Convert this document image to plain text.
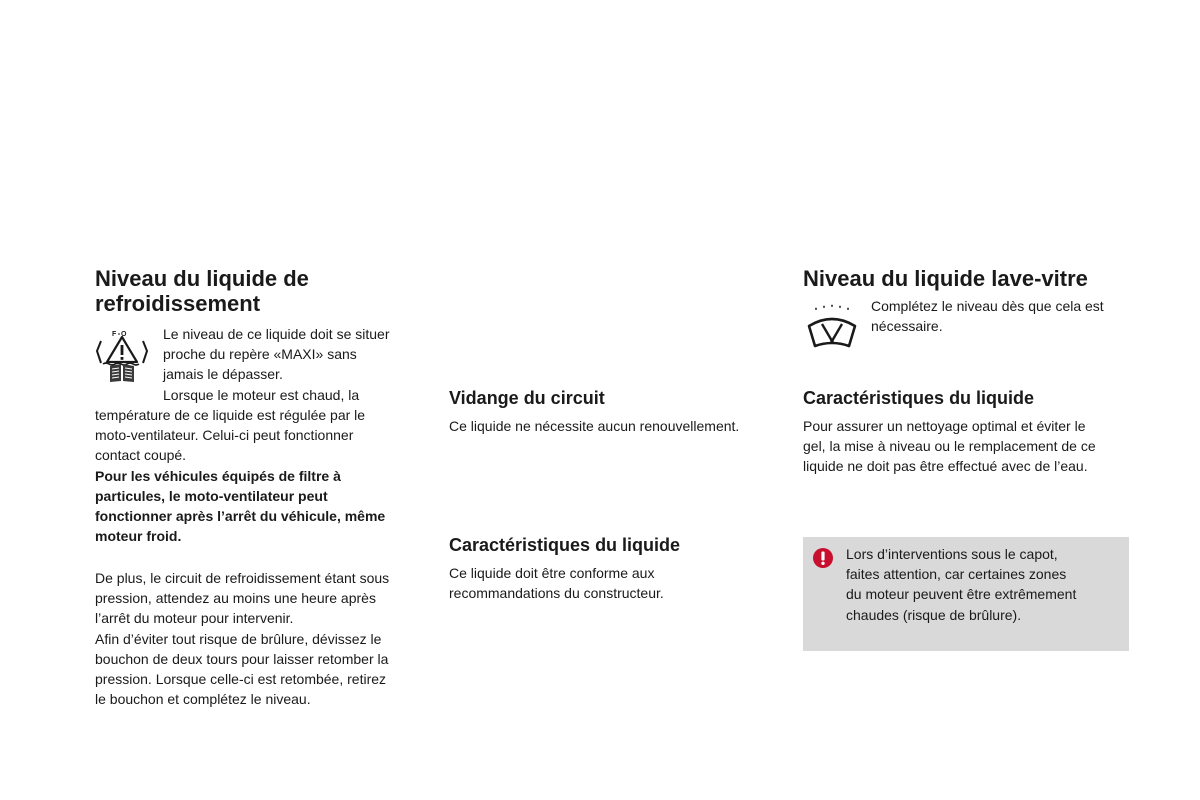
Niveau du liquide de
refroidissement
F O	Le niveau de ce liquide doit se situer

proche du repère «MAXI» sans

jamais le dépasser.

Lorsque le moteur est chaud, la

température de ce liquide est régulée par le

moto-ventilateur. Celui-ci peut fonctionner

contact coupé.

Pour les véhicules équipés de filtre à

particules, le moto-ventilateur peut

fonctionner après l’arrêt du véhicule, même

moteur froid.

De plus, le circuit de refroidissement étant sous

pression, attendez au moins une heure après

l’arrêt du moteur pour intervenir.

Afin d’éviter tout risque de brûlure, dévissez le

bouchon de deux tours pour laisser retomber la

pression. Lorsque celle-ci est retombée, retirez

le bouchon et complétez le niveau.

Vidange du circuit

Ce liquide ne nécessite aucun renouvellement.

Caractéristiques du liquide

Ce liquide doit être conforme aux

recommandations du constructeur.

Niveau du liquide lave-vitre

Complétez le niveau dès que cela est

nécessaire.

Caractéristiques du liquide

Pour assurer un nettoyage optimal et éviter le

gel, la mise à niveau ou le remplacement de ce

liquide ne doit pas être effectué avec de l’eau.

Lors d’interventions sous le capot,

faites attention, car certaines zones

du moteur peuvent être extrêmement

chaudes (risque de brûlure).
